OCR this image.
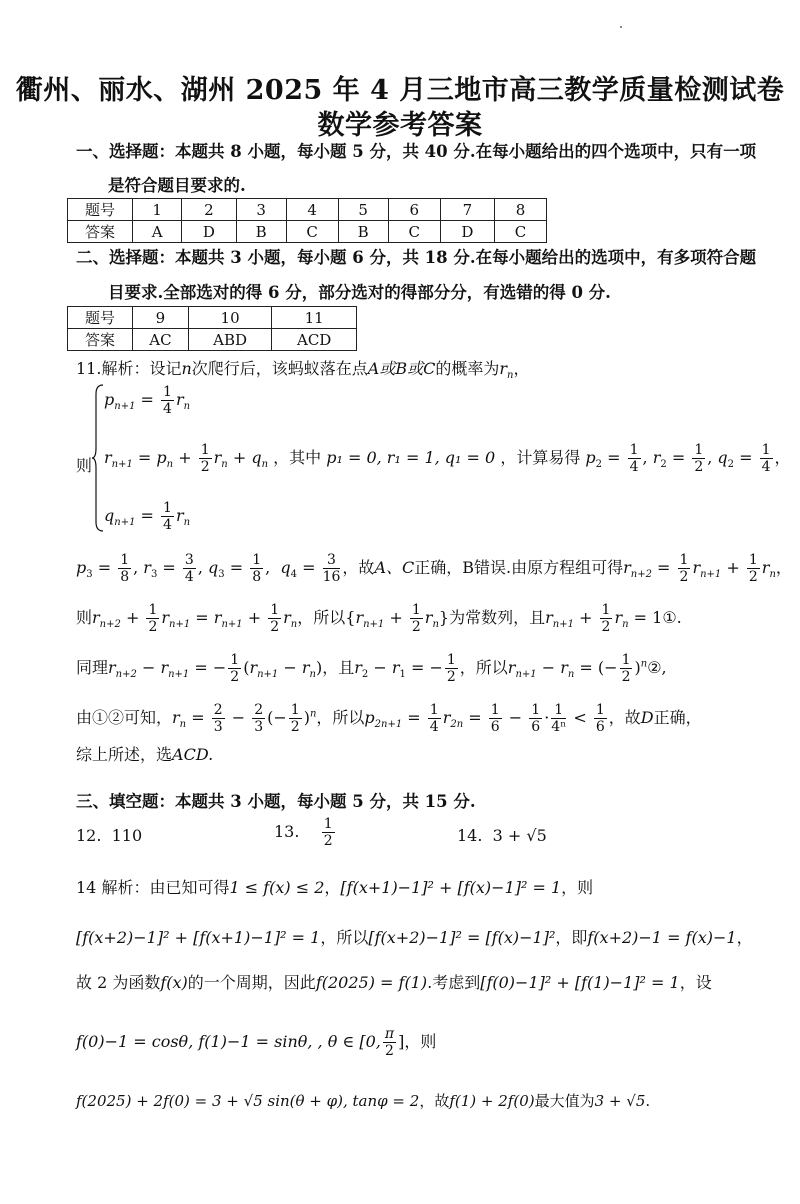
衢州、丽水、湖州 2025 年 4 月三地市高三教学质量检测试卷
数学参考答案
一、选择题：本题共 8 小题，每小题 5 分，共 40 分.在每小题给出的四个选项中，只有一项
是符合题目要求的.
题号	1	2	3	4	5	6	7	8
答案	A	D	B	C	B	C	D	C
二、选择题：本题共 3 小题，每小题 6 分，共 18 分.在每小题给出的选项中，有多项符合题
目要求.全部选对的得 6 分，部分选对的得部分分，有选错的得 0 分.
题号	9	10	11
答案	AC	ABD	ACD
11.解析：设记n次爬行后，该蚂蚁落在点A或B或C的概率为$r_n$，
则
$p_{n+1} = \frac{1}{4} r_n$
$r_{n+1} = p_n + \frac{1}{2} r_n + q_n$ ，其中 p₁ = 0, r₁ = 1, q₁ = 0 ，计算易得 $p_2 = \frac{1}{4}$ , $r_2 = \frac{1}{2}$ , $q_2 = \frac{1}{4}$ ，
$q_{n+1} = \frac{1}{4} r_n$
$p_3 = \frac{1}{8}$ , $r_3 = \frac{3}{4}$ , $q_3 = \frac{1}{8}$ ,  $q_4 = \frac{3}{16}$ ，故A、C正确，B错误.由原方程组可得$r_{n+2} = \frac{1}{2} r_{n+1} + \frac{1}{2} r_n$，
则$r_{n+2} + \frac{1}{2} r_{n+1} = r_{n+1} + \frac{1}{2} r_n$，所以$\{r_{n+1} + \frac{1}{2} r_n\}$为常数列，且$r_{n+1} + \frac{1}{2} r_n$ = 1①.
同理$r_{n+2} - r_{n+1}$ = − $\frac{1}{2} (r_{n+1} - r_n)$，且$r_2 - r_1$ = − $\frac{1}{2}$ ，所以$r_{n+1} - r_n$ = (− $\frac{1}{2}$ )$^n$②,
由①②可知，$r_n = \frac{2}{3} - \frac{2}{3}$ (− $\frac{1}{2} )^n$，所以$p_{2n+1} = \frac{1}{4} r_{2n} = \frac{1}{6} - \frac{1}{6} \cdot \frac{1}{\text{4ⁿ}} < \frac{1}{6}$ ，故D正确，
综上所述，选ACD.
三、填空题：本题共 3 小题，每小题 5 分，共 15 分.
12. 110	13. $\frac{1}{2}$	14. 3 + √5
14 解析：由已知可得1 ≤ f(x) ≤ 2，[f(x+1)−1]² + [f(x)−1]² = 1，则
[f(x+2)−1]² + [f(x+1)−1]² = 1，所以[f(x+2)−1]² = [f(x)−1]²，即f(x+2)−1 = f(x)−1，
故 2 为函数f(x)的一个周期，因此f(2025) = f(1).考虑到[f(0)−1]² + [f(1)−1]² = 1，设
f(0)−1 = cosθ, f(1)−1 = sinθ, , θ ∈ [0, $\frac{\pi}{2}$ ]，则
f(2025) + 2f(0) = 3 + √5 sin(θ + φ), tanφ = 2，故f(1) + 2f(0)最大值为3 + √5.
